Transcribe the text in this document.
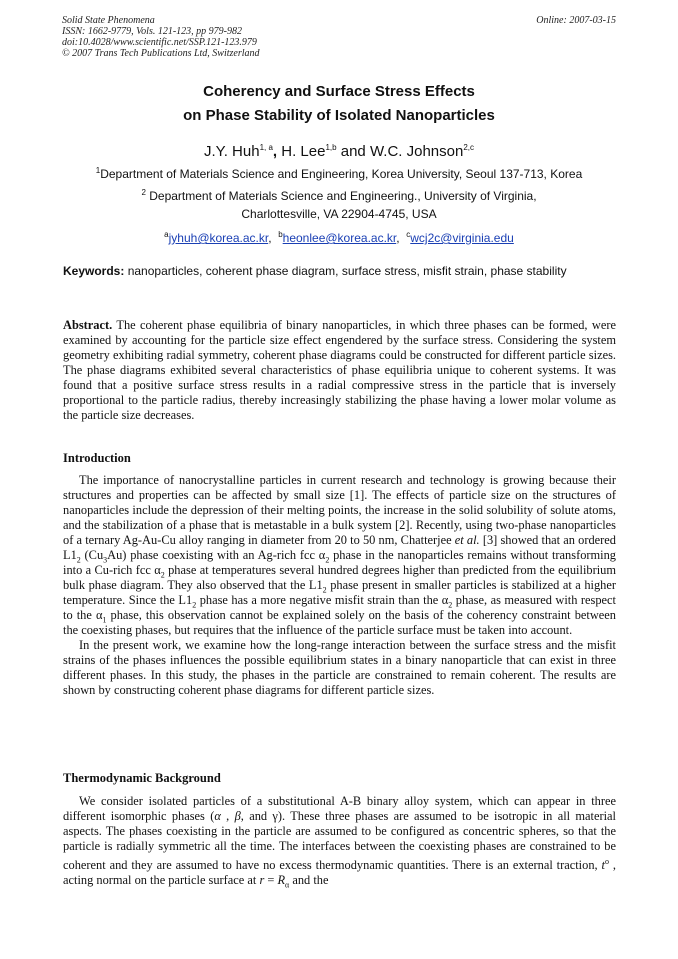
Solid State Phenomena
ISSN: 1662-9779, Vols. 121-123, pp 979-982
doi:10.4028/www.scientific.net/SSP.121-123.979
© 2007 Trans Tech Publications Ltd, Switzerland
Online: 2007-03-15
Coherency and Surface Stress Effects
on Phase Stability of Isolated Nanoparticles
J.Y. Huh$^{1, a}$, H. Lee$^{1,b}$ and W.C. Johnson$^{2,c}$
$^1$Department of Materials Science and Engineering, Korea University, Seoul 137-713, Korea
$^2$ Department of Materials Science and Engineering., University of Virginia,
Charlottesville, VA 22904-4745, USA
$^a$jyhuh@korea.ac.kr,  $^b$heonlee@korea.ac.kr,  $^c$wcj2c@virginia.edu
Keywords: nanoparticles, coherent phase diagram, surface stress, misfit strain, phase stability

Abstract. The coherent phase equilibria of binary nanoparticles, in which three phases can be formed, were examined by accounting for the particle size effect engendered by the surface stress. Considering the system geometry exhibiting radial symmetry, coherent phase diagrams could be constructed for different particle sizes. The phase diagrams exhibited several characteristics of phase equilibria unique to coherent systems. It was found that a positive surface stress results in a radial compressive stress in the particle that is inversely proportional to the particle radius, thereby increasingly stabilizing the phase having a lower molar volume as the particle size decreases.

Introduction

The importance of nanocrystalline particles in current research and technology is growing because their structures and properties can be affected by small size [1]. The effects of particle size on the structures of nanoparticles include the depression of their melting points, the increase in the solid solubility of solute atoms, and the stabilization of a phase that is metastable in a bulk system [2]. Recently, using two-phase nanoparticles of a ternary Ag-Au-Cu alloy ranging in diameter from 20 to 50 nm, Chatterjee et al. [3] showed that an ordered $L1_2$ $(Cu_3Au)$ phase coexisting with an Ag-rich fcc $\alpha_2$ phase in the nanoparticles remains without transforming into a Cu-rich fcc $\alpha_2$ phase at temperatures several hundred degrees higher than predicted from the equilibrium bulk phase diagram. They also observed that the $L1_2$ phase present in smaller particles is stabilized at a higher temperature. Since the $L1_2$ phase has a more negative misfit strain than the $\alpha_2$ phase, as measured with respect to the $\alpha_1$ phase, this observation cannot be explained solely on the basis of the coherency constraint between the coexisting phases, but requires that the influence of the particle surface must be taken into account.

In the present work, we examine how the long-range interaction between the surface stress and the misfit strains of the phases influences the possible equilibrium states in a binary nanoparticle that can exist in three different phases. In this study, the phases in the particle are constrained to remain coherent. The results are shown by constructing coherent phase diagrams for different particle sizes.

Thermodynamic Background

We consider isolated particles of a substitutional A-B binary alloy system, which can appear in three different isomorphic phases (α , β, and γ). These three phases are assumed to be isotropic in all material aspects. The phases coexisting in the particle are assumed to be configured as concentric spheres, so that the particle is radially symmetric all the time. The interfaces between the coexisting phases are constrained to be coherent and they are assumed to have no excess thermodynamic quantities. There is an external traction, $t^o$ , acting normal on the particle surface at $r = R_\alpha$ and the
